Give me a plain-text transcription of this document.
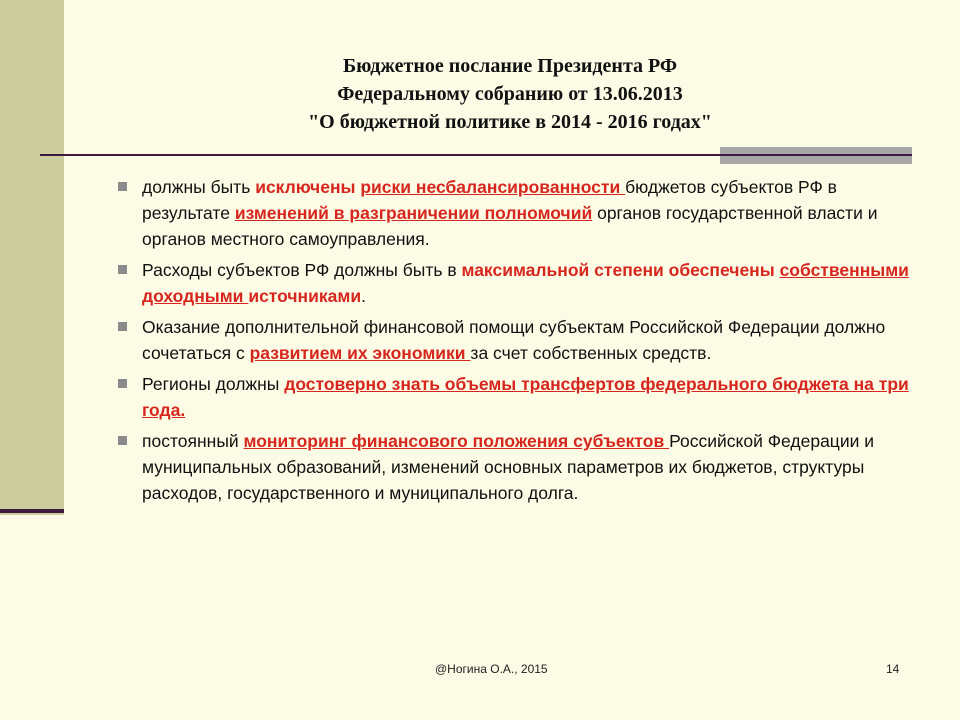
Бюджетное послание Президента РФ
Федеральному собранию от 13.06.2013
"О бюджетной политике в 2014 - 2016 годах"
должны быть исключены риски несбалансированности бюджетов субъектов РФ в результате изменений в разграничении полномочий органов государственной власти и органов местного самоуправления.
Расходы субъектов РФ должны быть в максимальной степени обеспечены собственными доходными источниками.
Оказание дополнительной финансовой помощи субъектам Российской Федерации должно сочетаться с развитием их экономики за счет собственных средств.
Регионы должны достоверно знать объемы трансфертов федерального бюджета на три года.
постоянный мониторинг финансового положения субъектов Российской Федерации и муниципальных образований, изменений основных параметров их бюджетов, структуры расходов, государственного и муниципального долга.
@Ногина О.А., 2015	14
